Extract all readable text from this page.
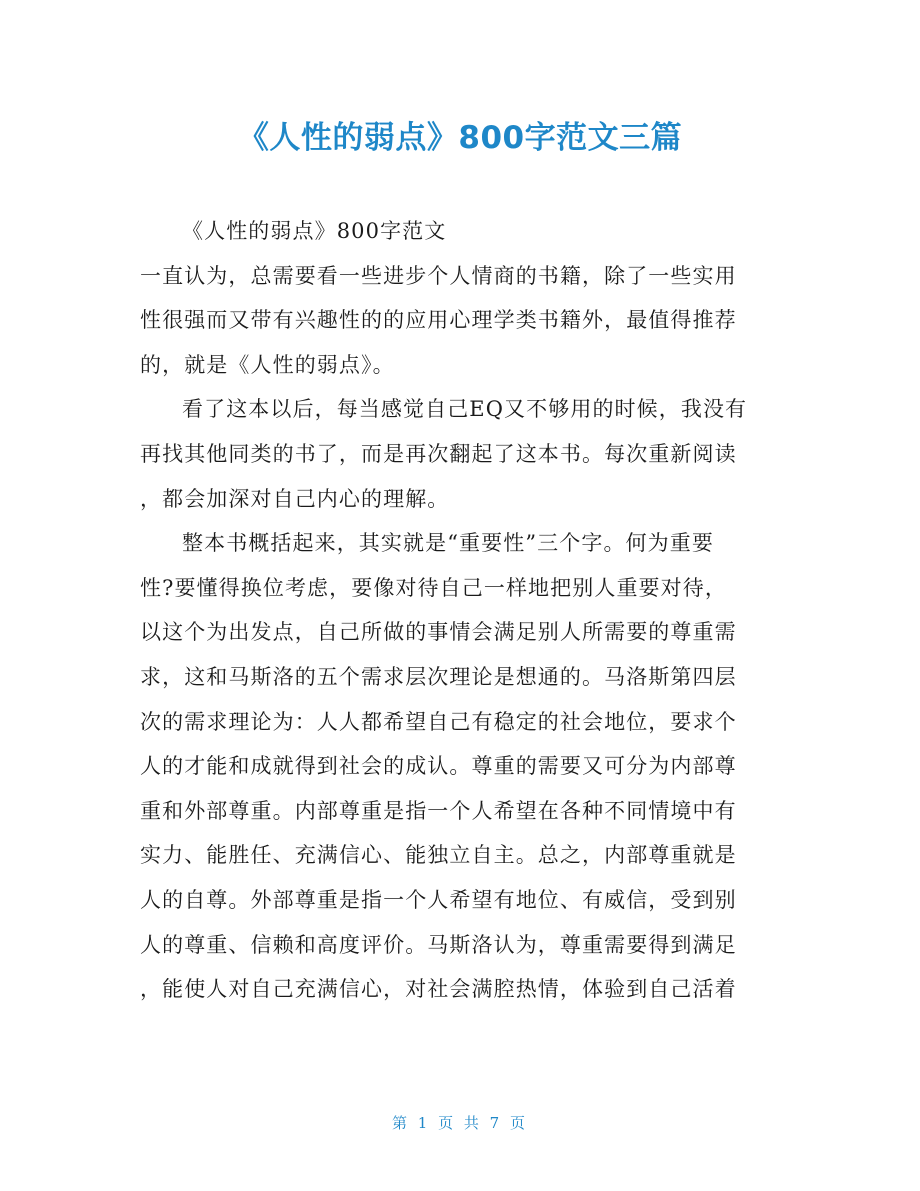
《人性的弱点》800字范文三篇
《人性的弱点》800字范文
一直认为，总需要看一些进步个人情商的书籍，除了一些实用
性很强而又带有兴趣性的的应用心理学类书籍外，最值得推荐
的，就是《人性的弱点》。
看了这本以后，每当感觉自己EQ又不够用的时候，我没有
再找其他同类的书了，而是再次翻起了这本书。每次重新阅读
，都会加深对自己内心的理解。
整本书概括起来，其实就是“重要性”三个字。何为重要
性?要懂得换位考虑，要像对待自己一样地把别人重要对待，
以这个为出发点，自己所做的事情会满足别人所需要的尊重需
求，这和马斯洛的五个需求层次理论是想通的。马洛斯第四层
次的需求理论为：人人都希望自己有稳定的社会地位，要求个
人的才能和成就得到社会的成认。尊重的需要又可分为内部尊
重和外部尊重。内部尊重是指一个人希望在各种不同情境中有
实力、能胜任、充满信心、能独立自主。总之，内部尊重就是
人的自尊。外部尊重是指一个人希望有地位、有威信，受到别
人的尊重、信赖和高度评价。马斯洛认为，尊重需要得到满足
，能使人对自己充满信心，对社会满腔热情，体验到自己活着
第 1 页 共 7 页
